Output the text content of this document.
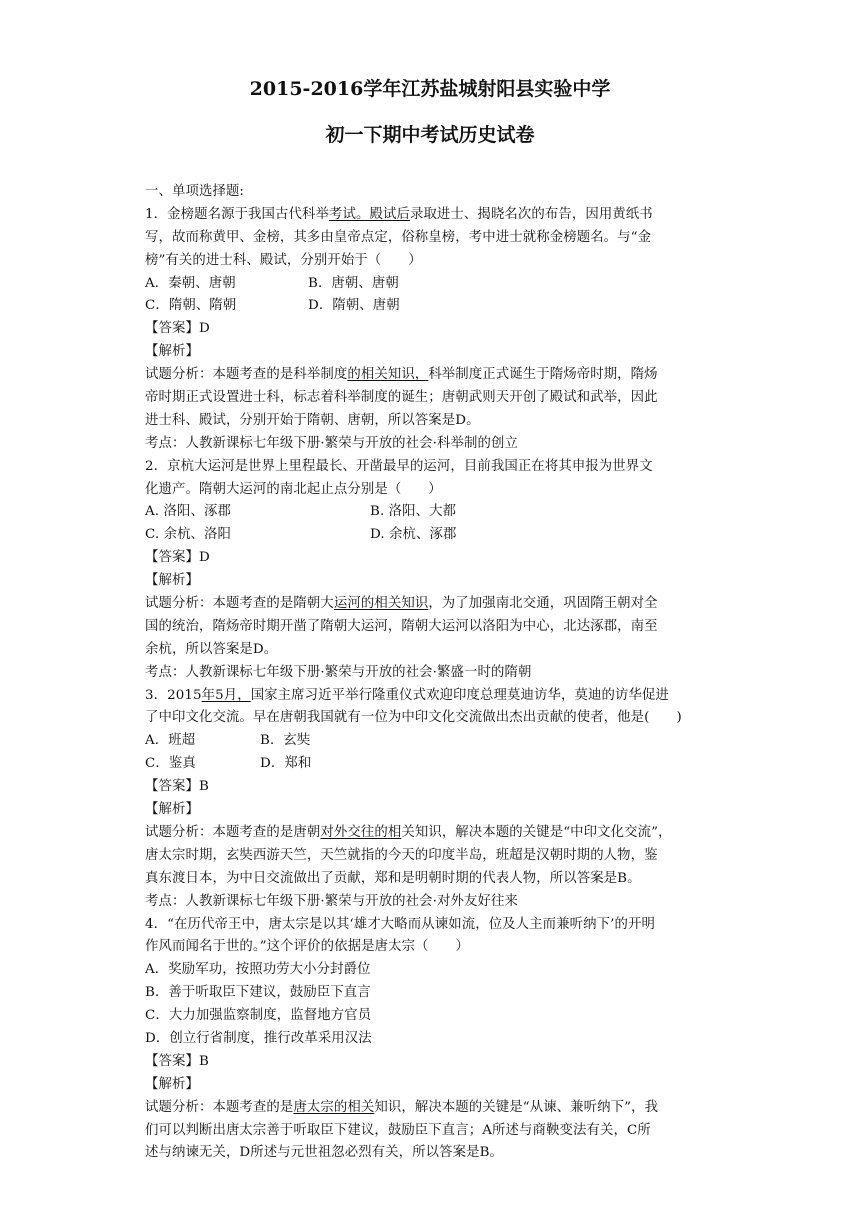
2015-2016学年江苏盐城射阳县实验中学
初一下期中考试历史试卷
一、单项选择题:
1．金榜题名源于我国古代科举考试。殿试后录取进士、揭晓名次的布告，因用黄纸书
写，故而称黄甲、金榜，其多由皇帝点定，俗称皇榜，考中进士就称金榜题名。与“金
榜”有关的进士科、殿试，分别开始于（　　）
A．秦朝、唐朝	B．唐朝、唐朝
C．隋朝、隋朝	D．隋朝、唐朝
【答案】D
【解析】
试题分析：本题考查的是科举制度的相关知识，科举制度正式诞生于隋炀帝时期，隋炀
帝时期正式设置进士科，标志着科举制度的诞生；唐朝武则天开创了殿试和武举，因此
进士科、殿试，分别开始于隋朝、唐朝，所以答案是D。
考点：人教新课标七年级下册·繁荣与开放的社会·科举制的创立
2．京杭大运河是世界上里程最长、开凿最早的运河，目前我国正在将其申报为世界文
化遗产。隋朝大运河的南北起止点分别是（　　）
A. 洛阳、涿郡	B. 洛阳、大都
C. 余杭、洛阳	D. 余杭、涿郡
【答案】D
【解析】
试题分析：本题考查的是隋朝大运河的相关知识，为了加强南北交通，巩固隋王朝对全
国的统治，隋炀帝时期开凿了隋朝大运河，隋朝大运河以洛阳为中心，北达涿郡，南至
余杭，所以答案是D。
考点：人教新课标七年级下册·繁荣与开放的社会·繁盛一时的隋朝
3．2015年5月，国家主席习近平举行隆重仪式欢迎印度总理莫迪访华，莫迪的访华促进
了中印文化交流。早在唐朝我国就有一位为中印文化交流做出杰出贡献的使者，他是(　　)
A．班超	B．玄奘
C．鉴真	D．郑和
【答案】B
【解析】
试题分析：本题考查的是唐朝对外交往的相关知识，解决本题的关键是“中印文化交流”，
唐太宗时期，玄奘西游天竺，天竺就指的今天的印度半岛，班超是汉朝时期的人物，鉴
真东渡日本，为中日交流做出了贡献，郑和是明朝时期的代表人物，所以答案是B。
考点：人教新课标七年级下册·繁荣与开放的社会·对外友好往来
4．“在历代帝王中，唐太宗是以其‘雄才大略而从谏如流，位及人主而兼听纳下’的开明
作风而闻名于世的。”这个评价的依据是唐太宗（　　）
A．奖励军功，按照功劳大小分封爵位
B．善于听取臣下建议，鼓励臣下直言
C．大力加强监察制度，监督地方官员
D．创立行省制度，推行改革采用汉法
【答案】B
【解析】
试题分析：本题考查的是唐太宗的相关知识，解决本题的关键是“从谏、兼听纳下”，我
们可以判断出唐太宗善于听取臣下建议，鼓励臣下直言；A所述与商鞅变法有关，C所
述与纳谏无关，D所述与元世祖忽必烈有关，所以答案是B。
